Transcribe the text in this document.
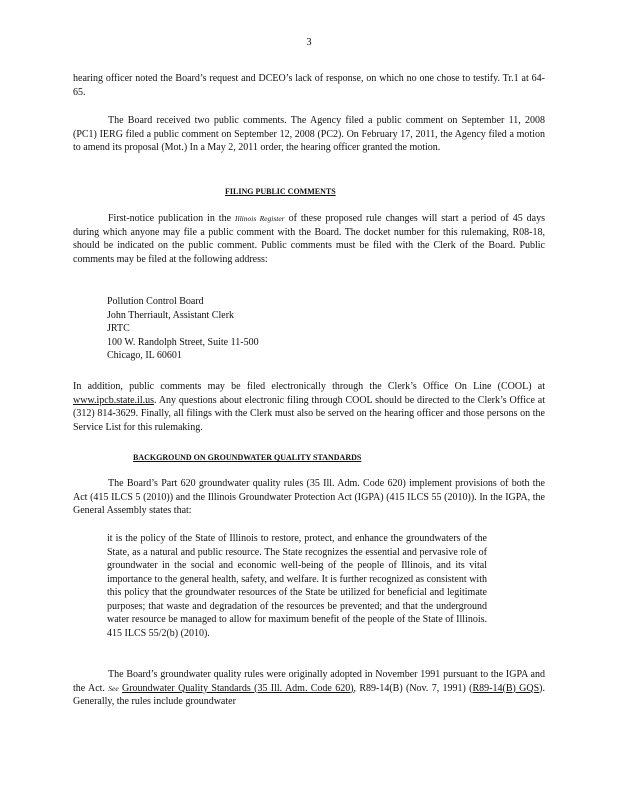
3

hearing officer noted the Board’s request and DCEO’s lack of response, on which no one chose to testify. Tr.1 at 64-65.

The Board received two public comments. The Agency filed a public comment on September 11, 2008 (PC1) IERG filed a public comment on September 12, 2008 (PC2). On February 17, 2011, the Agency filed a motion to amend its proposal (Mot.) In a May 2, 2011 order, the hearing officer granted the motion.

FILING PUBLIC COMMENTS

First-notice publication in the Illinois Register of these proposed rule changes will start a period of 45 days during which anyone may file a public comment with the Board. The docket number for this rulemaking, R08-18, should be indicated on the public comment. Public comments must be filed with the Clerk of the Board. Public comments may be filed at the following address:

Pollution Control Board
John Therriault, Assistant Clerk
JRTC
100 W. Randolph Street, Suite 11-500
Chicago, IL 60601

In addition, public comments may be filed electronically through the Clerk’s Office On Line (COOL) at www.ipcb.state.il.us. Any questions about electronic filing through COOL should be directed to the Clerk’s Office at (312) 814-3629. Finally, all filings with the Clerk must also be served on the hearing officer and those persons on the Service List for this rulemaking.

BACKGROUND ON GROUNDWATER QUALITY STANDARDS

The Board’s Part 620 groundwater quality rules (35 Ill. Adm. Code 620) implement provisions of both the Act (415 ILCS 5 (2010)) and the Illinois Groundwater Protection Act (IGPA) (415 ILCS 55 (2010)). In the IGPA, the General Assembly states that:

it is the policy of the State of Illinois to restore, protect, and enhance the groundwaters of the State, as a natural and public resource. The State recognizes the essential and pervasive role of groundwater in the social and economic well-being of the people of Illinois, and its vital importance to the general health, safety, and welfare. It is further recognized as consistent with this policy that the groundwater resources of the State be utilized for beneficial and legitimate purposes; that waste and degradation of the resources be prevented; and that the underground water resource be managed to allow for maximum benefit of the people of the State of Illinois. 415 ILCS 55/2(b) (2010).

The Board’s groundwater quality rules were originally adopted in November 1991 pursuant to the IGPA and the Act. See Groundwater Quality Standards (35 Ill. Adm. Code 620), R89-14(B) (Nov. 7, 1991) (R89-14(B) GQS). Generally, the rules include groundwater
